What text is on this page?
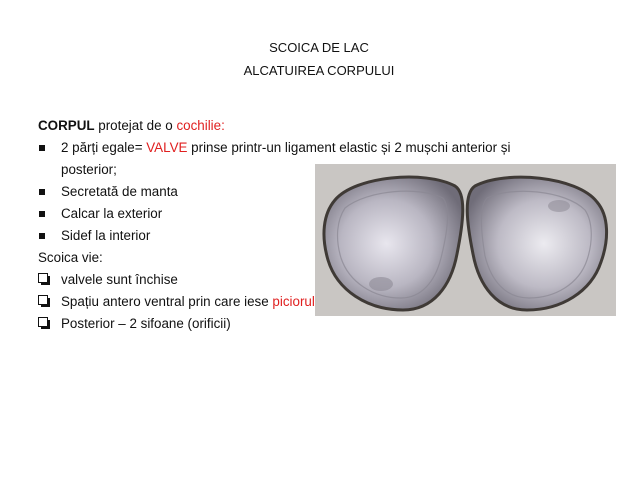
SCOICA DE LAC
ALCATUIREA CORPULUI
CORPUL protejat de o cochilie:
2 părți egale= VALVE prinse printr-un ligament elastic și 2 mușchi anterior și
posterior;
Secretată de manta
Calcar la exterior
Sidef la interior
Scoica vie:
valvele sunt închise
Spațiu antero ventral prin care iese piciorul
Posterior – 2 sifoane (orificii)
